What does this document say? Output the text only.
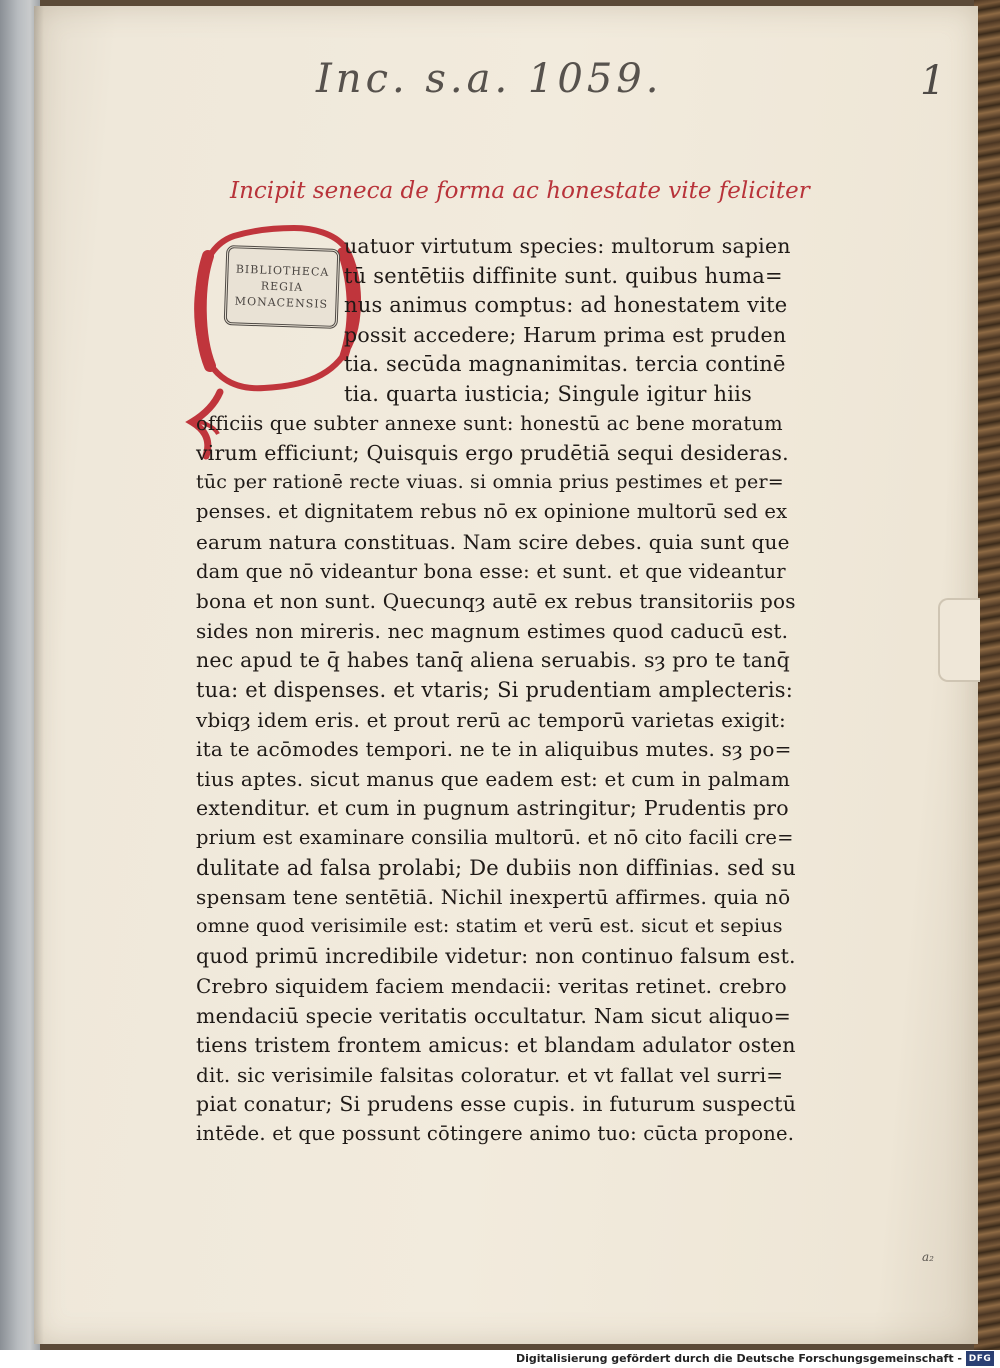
Inc. s.a. 1059.	1
Incipit seneca de forma ac honestate vite feliciter
BIBLIOTHECA
REGIA
MONACENSIS
uatuor virtutum species: multorum sapien
tū sentētiis diffinite sunt. quibus huma=
nus animus comptus: ad honestatem vite
possit accedere; Harum prima est pruden
tia. secūda magnanimitas. tercia continē
tia. quarta iusticia; Singule igitur hiis
officiis que subter annexe sunt: honestū ac bene moratum
virum efficiunt; Quisquis ergo prudētiā sequi desideras.
tūc per rationē recte viuas. si omnia prius pestimes et per=
penses. et dignitatem rebus nō ex opinione multorū sed ex
earum natura constituas. Nam scire debes. quia sunt que
dam que nō videantur bona esse: et sunt. et que videantur
bona et non sunt. Quecunqȝ autē ex rebus transitoriis pos
sides non mireris. nec magnum estimes quod caducū est.
nec apud te q̄ habes tanq̄ aliena seruabis. sȝ pro te tanq̄
tua: et dispenses. et vtaris; Si prudentiam amplecteris:
vbiqȝ idem eris. et prout rerū ac temporū varietas exigit:
ita te acōmodes tempori. ne te in aliquibus mutes. sȝ po=
tius aptes. sicut manus que eadem est: et cum in palmam
extenditur. et cum in pugnum astringitur; Prudentis pro
prium est examinare consilia multorū. et nō cito facili cre=
dulitate ad falsa prolabi; De dubiis non diffinias. sed su
spensam tene sentētiā. Nichil inexpertū affirmes. quia nō
omne quod verisimile est: statim et verū est. sicut et sepius
quod primū incredibile videtur: non continuo falsum est.
Crebro siquidem faciem mendacii: veritas retinet. crebro
mendaciū specie veritatis occultatur. Nam sicut aliquo=
tiens tristem frontem amicus: et blandam adulator osten
dit. sic verisimile falsitas coloratur. et vt fallat vel surri=
piat conatur; Si prudens esse cupis. in futurum suspectū
intēde. et que possunt cōtingere animo tuo: cūcta propone.
a₂
Digitalisierung gefördert durch die Deutsche Forschungsgemeinschaft - DFG
